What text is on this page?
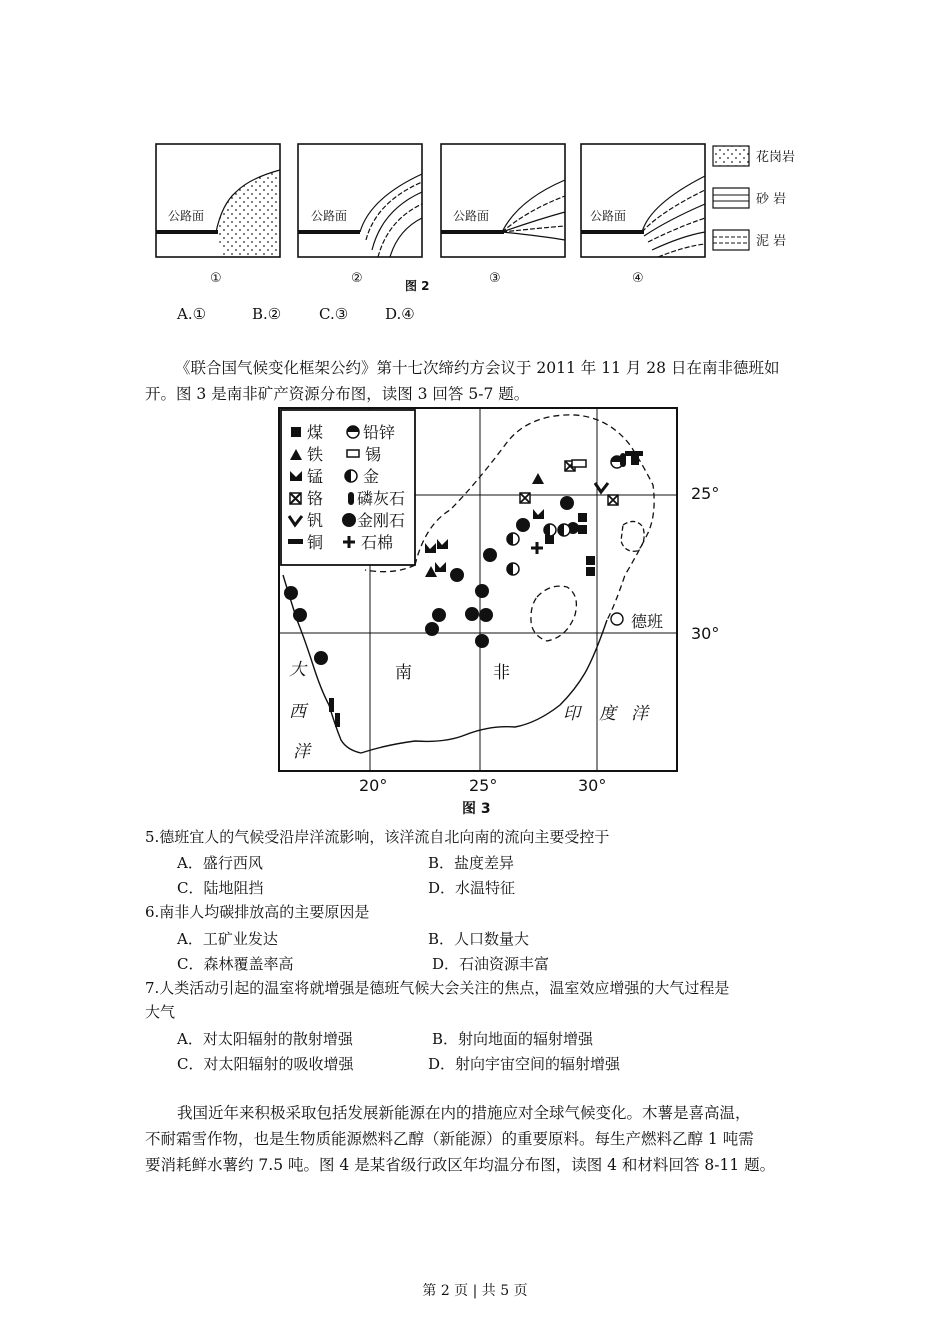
公路面	公路面	公路面	公路面
①	②	③	④
图 2
花岗岩
砂 岩
泥 岩
A.①	B.②	C.③ D.④
《联合国气候变化框架公约》第十七次缔约方会议于 2011 年 11 月 28 日在南非德班如
开。图 3 是南非矿产资源分布图，读图 3 回答 5-7 题。
煤 铅锌
铁	锡
锰 金
铬 磷灰石
钒 金刚石
铜 石棉
德班
南	非
大
西
洋
印 度 洋
25°
30°
20°	25°	30°
图 3
5.德班宜人的气候受沿岸洋流影响，该洋流自北向南的流向主要受控于
A．盛行西风	B．盐度差异
C．陆地阻挡	D．水温特征
6.南非人均碳排放高的主要原因是
A．工矿业发达	B．人口数量大
C．森林覆盖率高	D．石油资源丰富
7.人类活动引起的温室将就增强是德班气候大会关注的焦点，温室效应增强的大气过程是
大气
A．对太阳辐射的散射增强	B．射向地面的辐射增强
C．对太阳辐射的吸收增强	D．射向宇宙空间的辐射增强
我国近年来积极采取包括发展新能源在内的措施应对全球气候变化。木薯是喜高温，
不耐霜雪作物，也是生物质能源燃料乙醇（新能源）的重要原料。每生产燃料乙醇 1 吨需
要消耗鲜水薯约 7.5 吨。图 4 是某省级行政区年均温分布图，读图 4 和材料回答 8-11 题。
第 2 页 | 共 5 页
